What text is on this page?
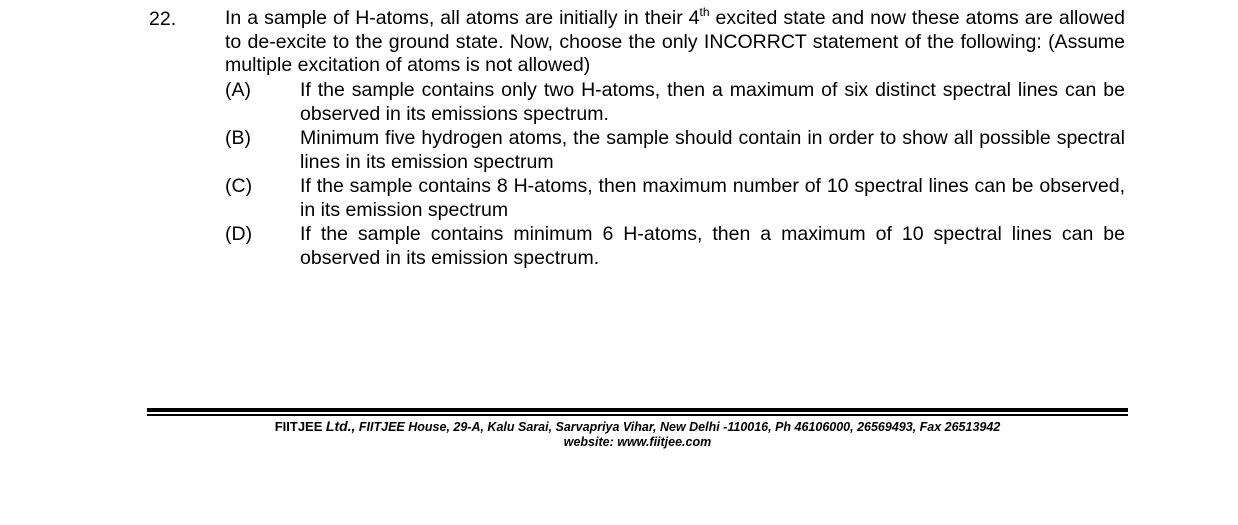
22.	In a sample of H-atoms, all atoms are initially in their 4th excited state and now these atoms are allowed to de-excite to the ground state. Now, choose the only INCORRCT statement of the following: (Assume multiple excitation of atoms is not allowed)
(A)	If the sample contains only two H-atoms, then a maximum of six distinct spectral lines can be observed in its emissions spectrum.
(B)	Minimum five hydrogen atoms, the sample should contain in order to show all possible spectral lines in its emission spectrum
(C) If the sample contains 8 H-atoms, then maximum number of 10 spectral lines can be observed, in its emission spectrum
(D) If the sample contains minimum 6 H-atoms, then a maximum of 10 spectral lines can be observed in its emission spectrum.
FIITJEE Ltd., FIITJEE House, 29-A, Kalu Sarai, Sarvapriya Vihar, New Delhi -110016, Ph 46106000, 26569493, Fax 26513942
website: www.fiitjee.com
